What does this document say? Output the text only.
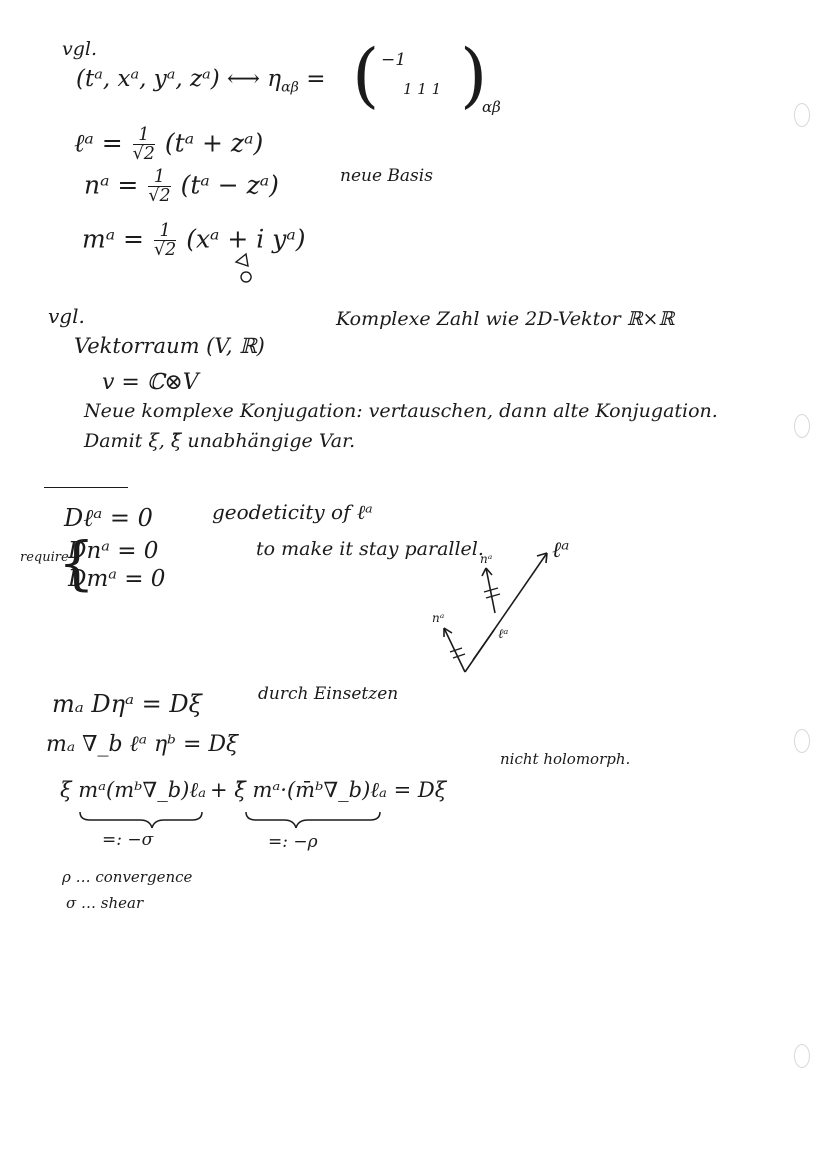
vgl.
(tᵃ, xᵃ, yᵃ, zᵃ) ⟷ $\eta_{\alpha\beta}$ = ( −1
1 1 1 )
αβ
ℓᵃ = $\frac{1}{√2}$ (tᵃ + zᵃ)
nᵃ = $\frac{1}{√2}$ (tᵃ − zᵃ)	neue Basis
mᵃ = $\frac{1}{√2}$ (xᵃ + i yᵃ)
vgl.
Vektorraum (V, ℝ)
Komplexe Zahl wie 2D-Vektor ℝ×ℝ
v = ℂ⊗V
Neue komplexe Konjugation: vertauschen, dann alte Konjugation.
Damit ξ, ξ̄ unabhängige Var.
Dℓᵃ = 0	geodeticity of ℓᵃ
require
{
Dnᵃ = 0
Dmᵃ = 0
to make it stay parallel.
nᵃ	ℓᵃ
nᵃ
ℓᵃ
mₐ Dηᵃ = Dξ	durch Einsetzen
mₐ ∇_b ℓᵃ ηᵇ = Dξ
nicht holomorph.
ξ mᵃ(mᵇ∇_b)ℓₐ + ξ̄ mᵃ·(m̄ᵇ∇_b)ℓₐ = Dξ
=: −σ	=: −ρ
ρ … convergence
σ … shear
